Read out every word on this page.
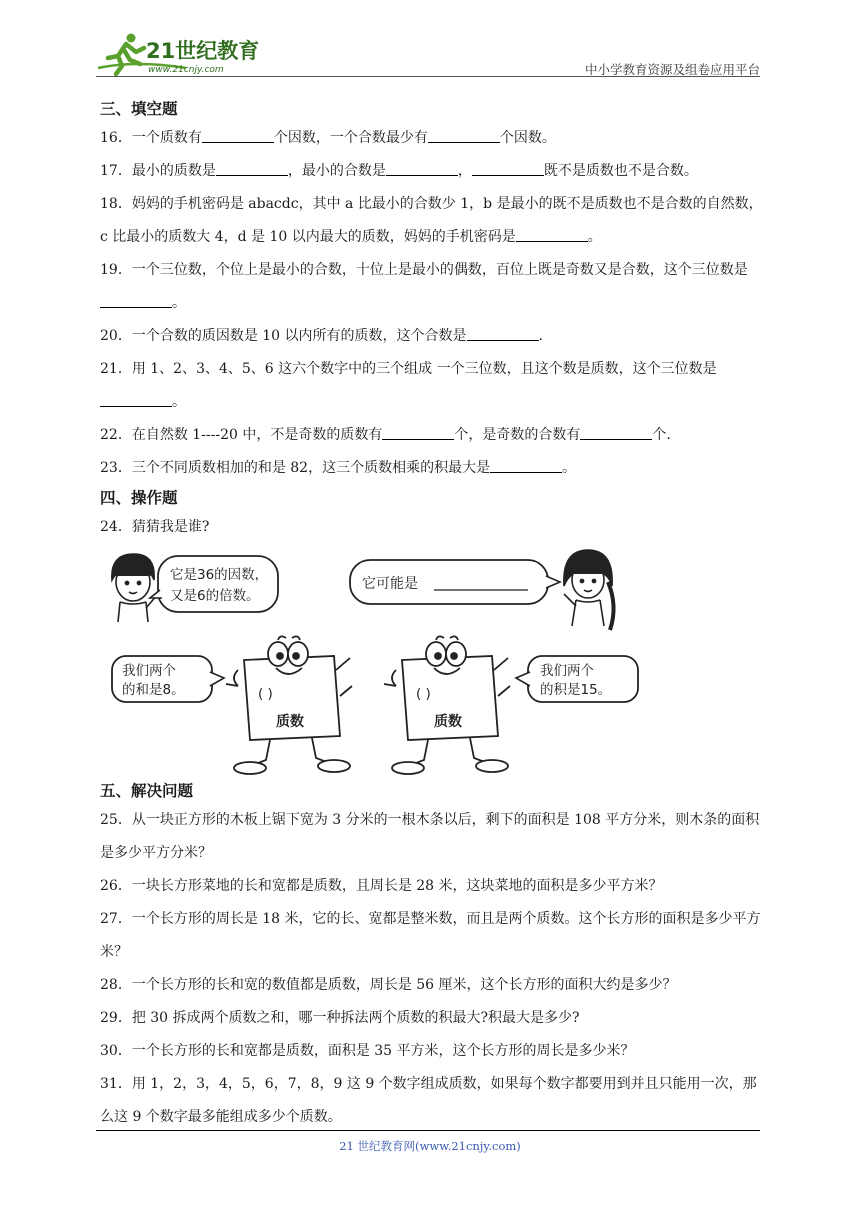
21世纪教育
www.21cnjy.com	中小学教育资源及组卷应用平台
三、填空题
16．一个质数有	个因数，一个合数最少有	个因数。
17．最小的质数是	，最小的合数是	，	既不是质数也不是合数。
18．妈妈的手机密码是 abacdc，其中 a 比最小的合数少 1，b 是最小的既不是质数也不是合数的自然数，c 比最小的质数大 4，d 是 10 以内最大的质数，妈妈的手机密码是	。
19．一个三位数，个位上是最小的合数，十位上是最小的偶数，百位上既是奇数又是合数，这个三位数是。
20．一个合数的质因数是 10 以内所有的质数，这个合数是	.
21．用 1、2、3、4、5、6 这六个数字中的三个组成 一个三位数，且这个数是质数，这个三位数是。
22．在自然数 1----20 中，不是奇数的质数有	个，是奇数的合数有	个.
23．三个不同质数相加的和是 82，这三个质数相乘的积最大是	。
四、操作题
24．猜猜我是谁?
它是36的因数，
又是6的倍数。
它可能是
我们两个
的和是8。	( )
质数
( )
质数
我们两个
的积是15。
五、解决问题
25．从一块正方形的木板上锯下宽为 3 分米的一根木条以后，剩下的面积是 108 平方分米，则木条的面积是多少平方分米？
26．一块长方形菜地的长和宽都是质数，且周长是 28 米，这块菜地的面积是多少平方米？
27．一个长方形的周长是 18 米，它的长、宽都是整米数，而且是两个质数。这个长方形的面积是多少平方米？
28．一个长方形的长和宽的数值都是质数，周长是 56 厘米，这个长方形的面积大约是多少？
29．把 30 拆成两个质数之和，哪一种拆法两个质数的积最大?积最大是多少?
30．一个长方形的长和宽都是质数，面积是 35 平方米，这个长方形的周长是多少米？
31．用 1，2，3，4，5，6，7，8，9 这 9 个数字组成质数，如果每个数字都要用到并且只能用一次，那么这 9 个数字最多能组成多少个质数。
21 世纪教育网(www.21cnjy.com)
